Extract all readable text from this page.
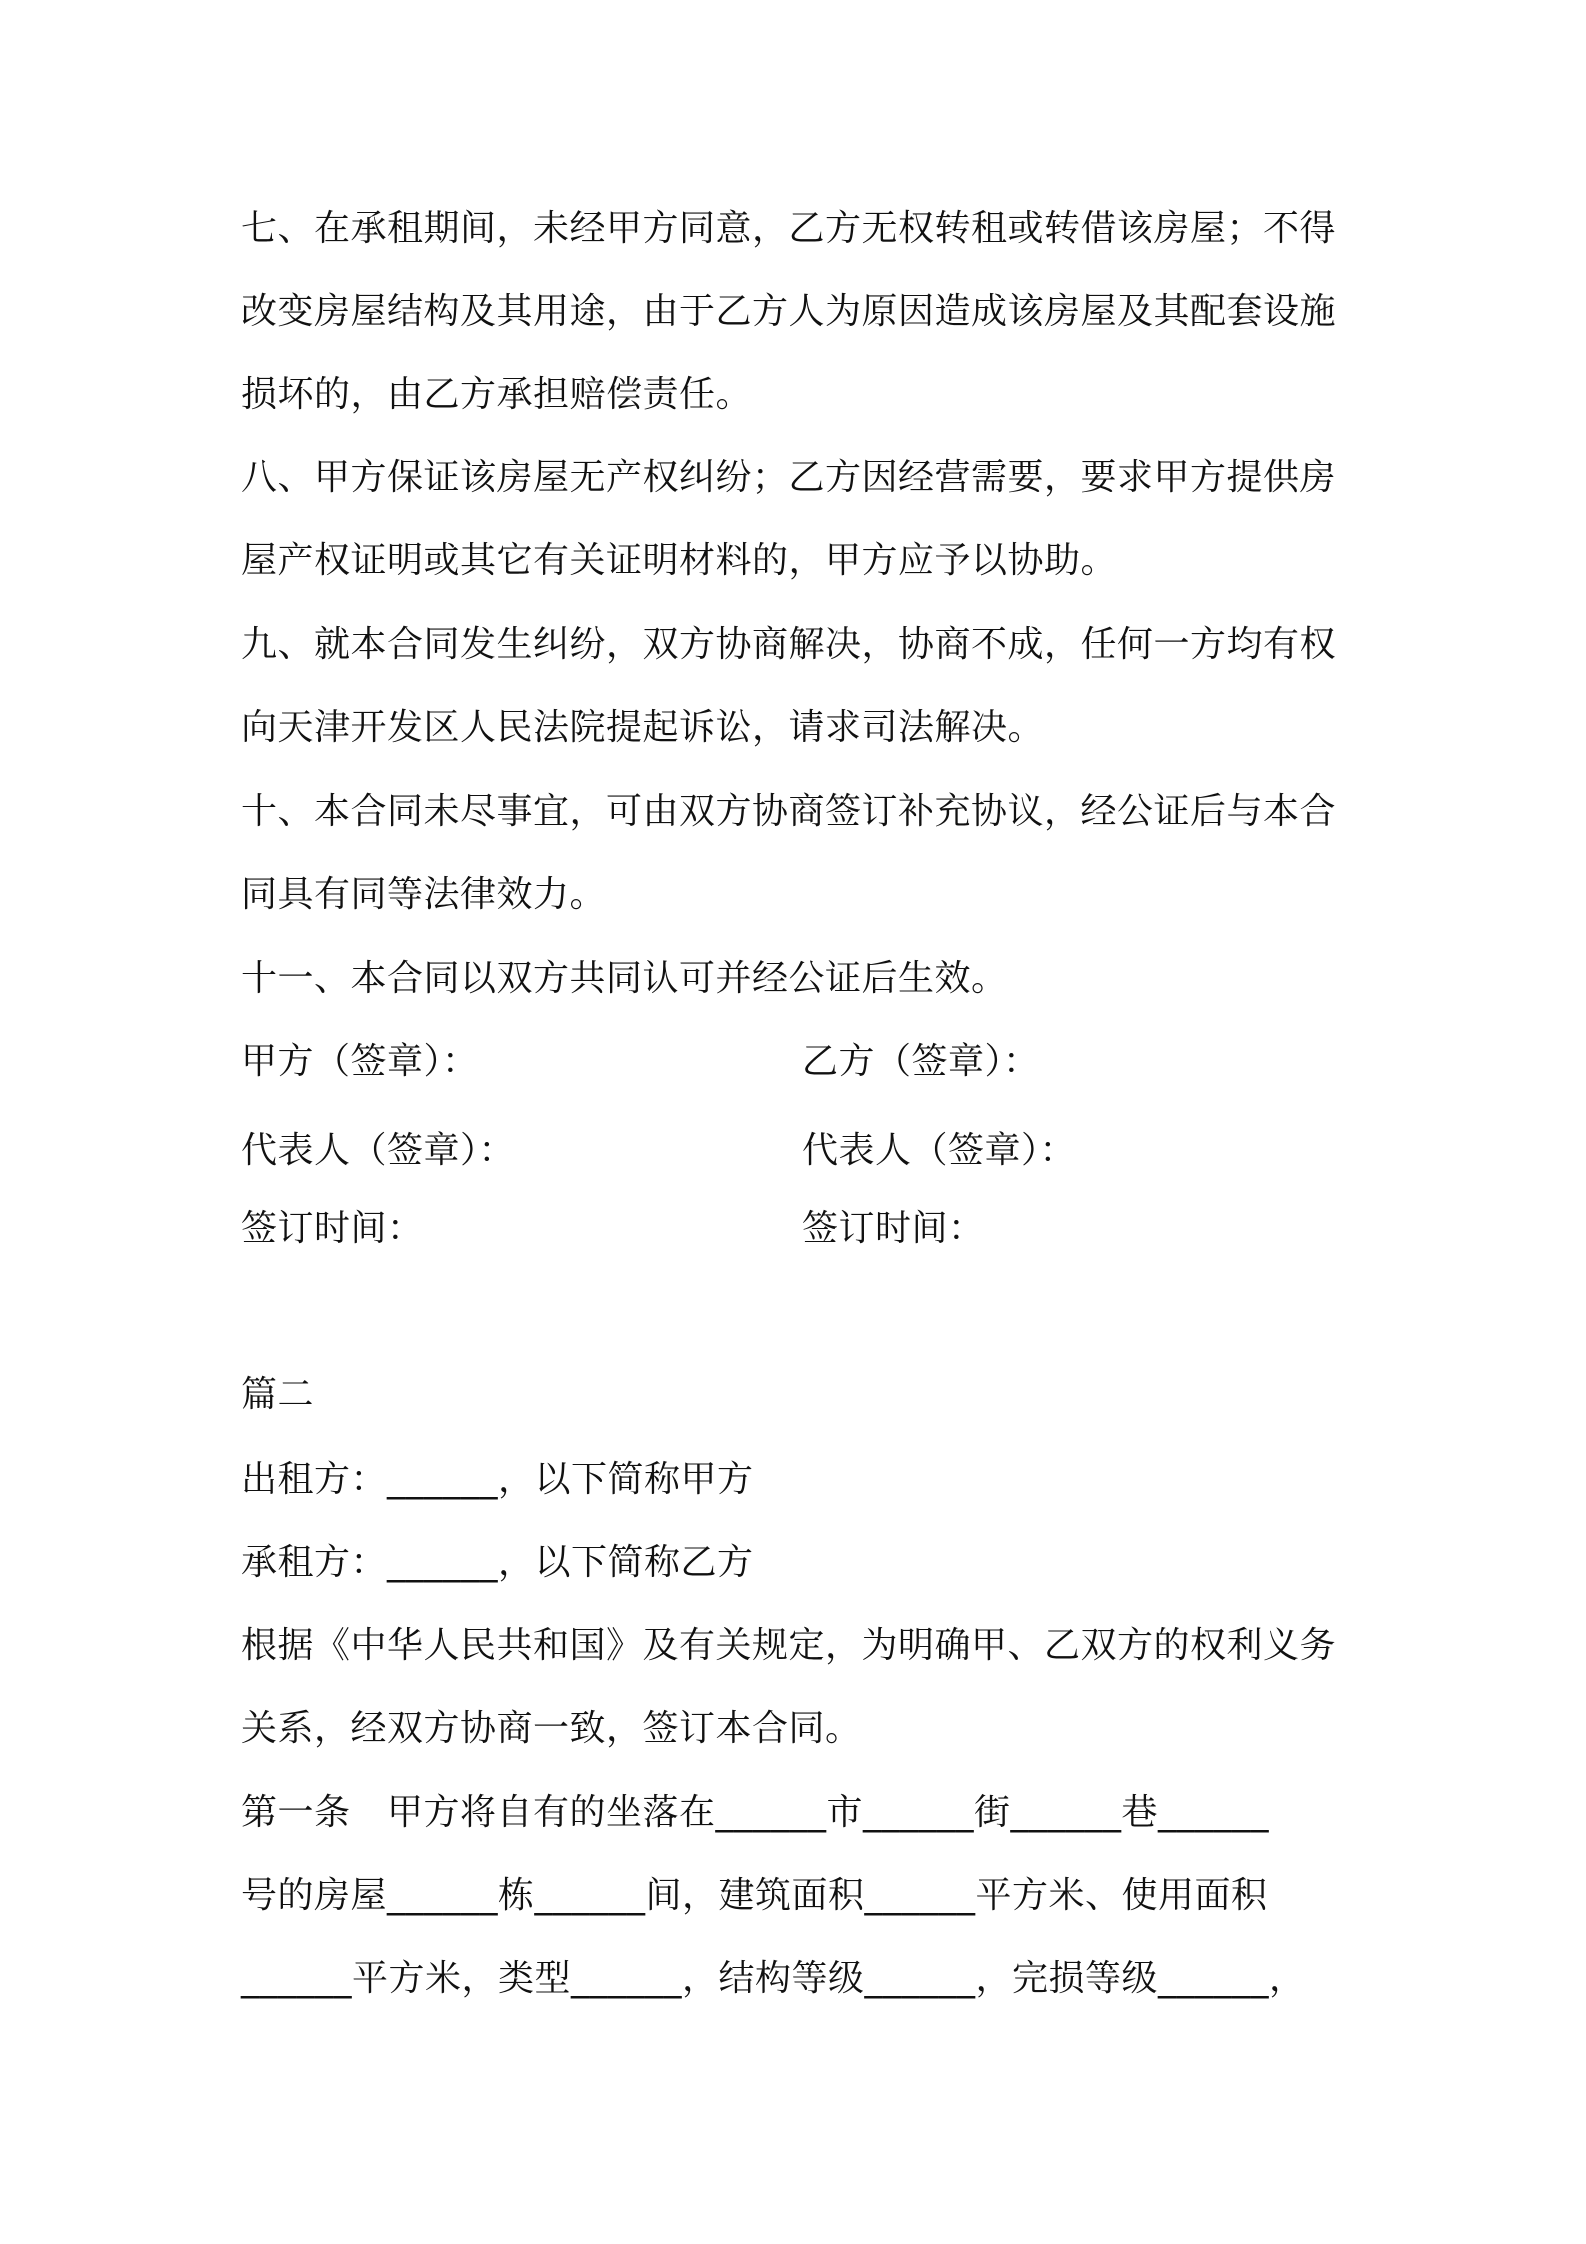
七、在承租期间，未经甲方同意，乙方无权转租或转借该房屋；不得
改变房屋结构及其用途，由于乙方人为原因造成该房屋及其配套设施
损坏的，由乙方承担赔偿责任。
八、甲方保证该房屋无产权纠纷；乙方因经营需要，要求甲方提供房
屋产权证明或其它有关证明材料的，甲方应予以协助。
九、就本合同发生纠纷，双方协商解决，协商不成，任何一方均有权
向天津开发区人民法院提起诉讼，请求司法解决。
十、本合同未尽事宜，可由双方协商签订补充协议，经公证后与本合
同具有同等法律效力。
十一、本合同以双方共同认可并经公证后生效。
甲方（签章）：	乙方（签章）：
代表人（签章）：	代表人（签章）：
签订时间：	签订时间：
篇二
出租方：______，以下简称甲方
承租方：______，以下简称乙方
根据《中华人民共和国》及有关规定，为明确甲、乙双方的权利义务
关系，经双方协商一致，签订本合同。
第一条　甲方将自有的坐落在______市______街______巷______
号的房屋______栋______间，建筑面积______平方米、使用面积
______平方米，类型______，结构等级______，完损等级______，
